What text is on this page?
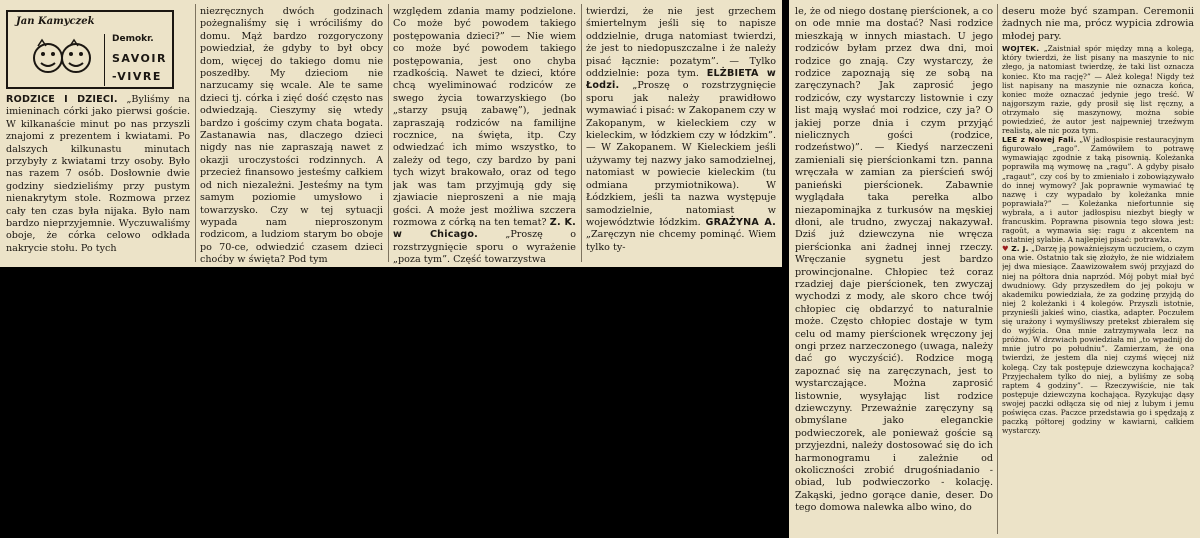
Jan Kamyczek
Demokr.
SAVOIR
-VIVRE

RODZICE I DZIECI. „Byliśmy na imieninach córki jako pierwsi goście. W kilkanaście minut po nas przyszli znajomi z prezentem i kwiatami. Po dalszych kilkunastu minutach przybyły z kwiatami trzy osoby. Było nas razem 7 osób. Dosłownie dwie godziny siedzieliśmy przy pustym nienakrytym stole. Rozmowa przez cały ten czas była nijaka. Było nam bardzo nieprzyjemnie. Wyczuwaliśmy oboje, że córka celowo odkłada nakrycie stołu. Po tych

niezręcznych dwóch godzinach pożegnaliśmy się i wróciliśmy do domu. Mąż bardzo rozgoryczony powiedział, że gdyby to był obcy dom, więcej do takiego domu nie poszedłby. My dzieciom nie narzucamy się wcale. Ale te same dzieci tj. córka i zięć dość często nas odwiedzają. Cieszymy się wtedy bardzo i gościmy czym chata bogata. Zastanawia nas, dlaczego dzieci nigdy nas nie zapraszają nawet z okazji uroczystości rodzinnych. A przecież finansowo jesteśmy całkiem od nich niezależni. Jesteśmy na tym samym poziomie umysłowo i towarzysko. Czy w tej sytuacji wypada nam nieproszonym rodzicom, a ludziom starym bo oboje po 70-ce, odwiedzić czasem dzieci choćby w święta? Pod tym

względem zdania mamy podzielone. Co może być powodem takiego postępowania dzieci?” — Nie wiem co może być powodem takiego postępowania, jest ono chyba rzadkością. Nawet te dzieci, które chcą wyeliminować rodziców ze swego życia towarzyskiego (bo „starzy psują zabawę”), jednak zapraszają rodziców na familijne rocznice, na święta, itp. Czy odwiedzać ich mimo wszystko, to zależy od tego, czy bardzo by pani tych wizyt brakowało, oraz od tego jak was tam przyjmują gdy się zjawiacie nieproszeni a nie mają gości. A może jest możliwa szczera rozmowa z córką na ten temat? Z. K. w Chicago.	„Proszę o rozstrzygnięcie sporu o wyrażenie „poza tym”. Część towarzystwa

twierdzi, że nie jest grzechem śmiertelnym jeśli się to napisze oddzielnie, druga natomiast twierdzi, że jest to niedopuszczalne i że należy pisać łącznie: pozatym”. — Tylko oddzielnie: poza tym. ELŻBIETA w Łodzi. „Proszę o rozstrzygnięcie sporu jak należy prawidłowo wymawiać i pisać: w Zakopanem czy w Zakopanym, w kieleckiem czy w kieleckim, w łódzkiem czy w łódzkim”. — W Zakopanem. W Kieleckiem jeśli używamy tej nazwy jako samodzielnej, natomiast w powiecie kieleckim (tu odmiana przymiotnikowa). W Łódzkiem, jeśli ta nazwa występuje samodzielnie, natomiast w województwie łódzkim. GRAŻYNA A. „Zaręczyn nie chcemy pominąć. Wiem tylko ty-

le, że od niego dostanę pierścionek, a co on ode mnie ma dostać? Nasi rodzice mieszkają w innych miastach. U jego rodziców byłam przez dwa dni, moi rodzice go znają. Czy wystarczy, że rodzice zapoznają się ze sobą na zaręczynach? Jak zaprosić jego rodziców, czy wystarczy listownie i czy list mają wysłać moi rodzice, czy ja? O jakiej porze dnia i czym przyjąć nielicznych gości (rodzice, rodzeństwo)”. — Kiedyś narzeczeni zamieniali się pierścionkami tzn. panna wręczała w zamian za pierścień swój panieński pierścionek. Zabawnie wyglądała taka perełka albo niezapominajka z turkusów na męskiej dłoni, ale trudno, zwyczaj nakazywał. Dziś już dziewczyna nie wręcza pierścionka ani żadnej innej rzeczy. Wręczanie sygnetu jest bardzo prowincjonalne. Chłopiec też coraz rzadziej daje pierścionek, ten zwyczaj wychodzi z mody, ale skoro chce twój chłopiec cię obdarzyć to naturalnie może. Często chłopiec dostaje w tym celu od mamy pierścionek wręczony jej ongi przez narzeczonego (uwaga, należy dać go wyczyścić). Rodzice mogą zapoznać się na zaręczynach, jest to wystarczające. Można zaprosić listownie, wysyłając list rodzice dziewczyny. Przeważnie zaręczyny są obmyślane jako eleganckie podwieczorek, ale ponieważ goście są przyjezdni, należy dostosować się do ich harmonogramu i zależnie od okoliczności zrobić drugośniadanio - obiad, lub podwieczorko - kolację. Zakąski, jedno gorące danie, deser. Do tego domowa nalewka albo wino, do

deseru może być szampan. Ceremonii żadnych nie ma, prócz wypicia zdrowia młodej pary.

WOJTEK. „Zaistniał spór między mną a kolegą, który twierdzi, że list pisany na maszynie to nic złego, ja natomiast twierdzę, że taki list oznacza koniec. Kto ma rację?” — Ależ kolega! Nigdy też list napisany na maszynie nie oznacza końca, koniec może oznaczać jedynie jego treść. W najgorszym razie, gdy prosił się list ręczny, a otrzymało się maszynowy, można sobie powiedzieć, że autor jest najpewniej trzeźwym realistą, ale nic poza tym.

LEE z Nowej Fali. „W jadłospisie restauracyjnym figurowało „rago”. Zamówiłem to potrawę wymawiając zgodnie z taką pisownią. Koleżanka poprawiła mą wymowę na „ragu”. A gdyby pisało „ragaut”, czy coś by to zmieniało i zobowiązywało do innej wymowy? Jak poprawnie wymawiać tę nazwę i czy wypadało by koleżanka mnie poprawiała?” — Koleżanka niefortunnie się wybrała, a i autor jadłospisu niezbyt biegły w francuskim. Poprawna pisownia tego słowa jest: ragoût, a wymawia się: ragu z akcentem na ostatniej sylabie. A najlepiej pisać: potrawka.

♥ Z. J. „Darzę ją poważniejszym uczuciem, o czym ona wie. Ostatnio tak się złożyło, że nie widziałem jej dwa miesiące. Zaawizowałem swój przyjazd do niej na półtora dnia naprzód. Mój pobyt miał być dwudniowy. Gdy przyszedłem do jej pokoju w akademiku powiedziała, że za godzinę przyjdą do niej 2 koleżanki i 4 kolegów. Przyszli istotnie, przynieśli jakieś wino, ciastka, adapter. Poczułem się urażony i wymyśliwszy pretekst zbierałem się do wyjścia. Ona mnie zatrzymywała lecz na próżno. W drzwiach powiedziała mi „to wpadnij do mnie jutro po południu”. Zamierzam, że ona twierdzi, że jestem dla niej czymś więcej niż kolegą. Czy tak postępuje dziewczyna kochająca? Przyjechałem tylko do niej, a byliśmy ze sobą raptem 4 godziny”. — Rzeczywiście, nie tak postępuje dziewczyna kochająca. Ryzykując dąsy swojej paczki odłącza się od niej z lubym i jemu poświęca czas. Paczce przedstawia go i spędzają z paczką półtorej godziny w kawiarni, całkiem wystarczy.
